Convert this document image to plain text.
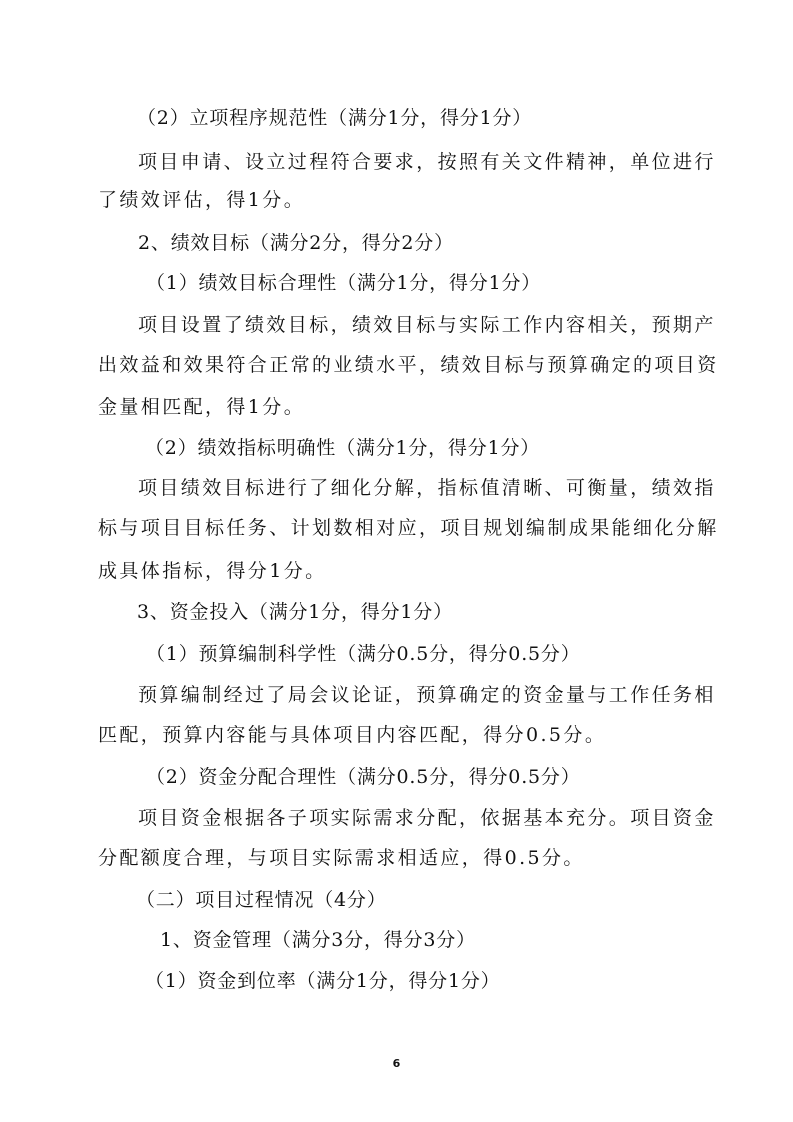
（2）立项程序规范性（满分1分，得分1分）
项目申请、设立过程符合要求，按照有关文件精神，单位进行
了绩效评估，得1分。
2、绩效目标（满分2分，得分2分）
（1）绩效目标合理性（满分1分，得分1分）
项目设置了绩效目标，绩效目标与实际工作内容相关，预期产
出效益和效果符合正常的业绩水平，绩效目标与预算确定的项目资
金量相匹配，得1分。
（2）绩效指标明确性（满分1分，得分1分）
项目绩效目标进行了细化分解，指标值清晰、可衡量，绩效指
标与项目目标任务、计划数相对应，项目规划编制成果能细化分解
成具体指标，得分1分。
3、资金投入（满分1分，得分1分）
（1）预算编制科学性（满分0.5分，得分0.5分）
预算编制经过了局会议论证，预算确定的资金量与工作任务相
匹配，预算内容能与具体项目内容匹配，得分0.5分。
（2）资金分配合理性（满分0.5分，得分0.5分）
项目资金根据各子项实际需求分配，依据基本充分。项目资金
分配额度合理，与项目实际需求相适应，得0.5分。
（二）项目过程情况（4分）
1、资金管理（满分3分，得分3分）
（1）资金到位率（满分1分，得分1分）
6
